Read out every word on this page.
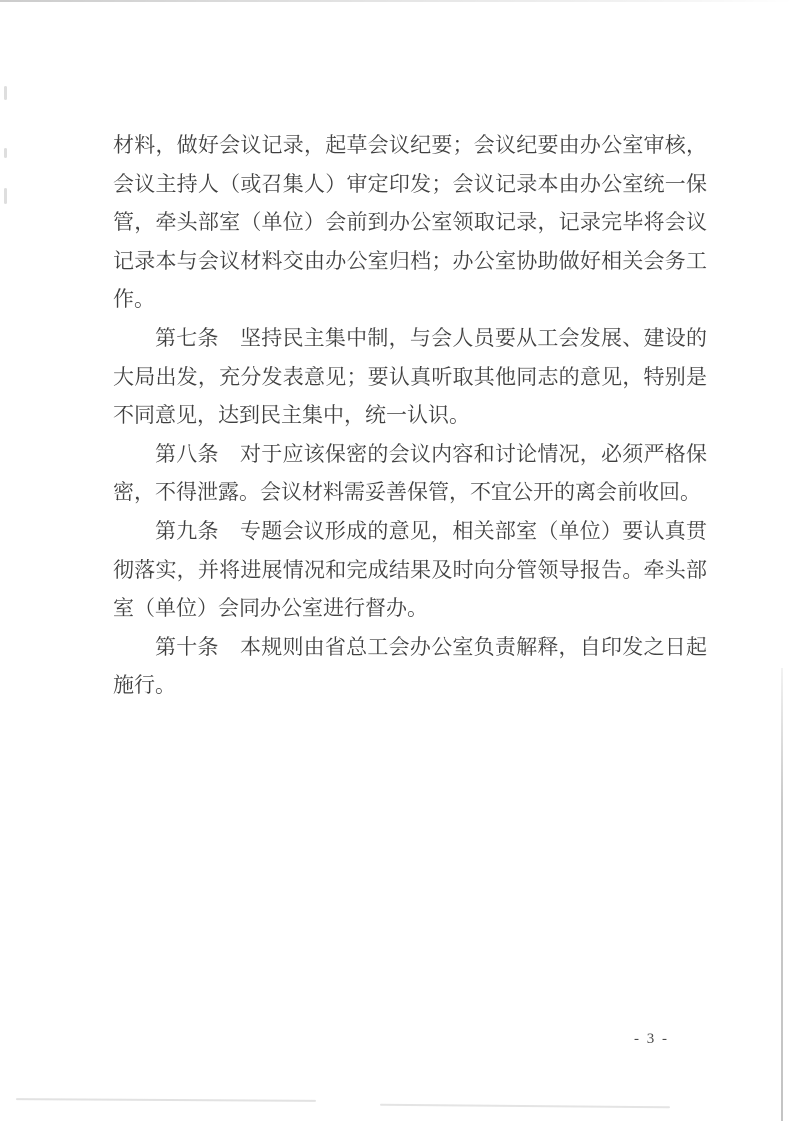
材料，做好会议记录，起草会议纪要；会议纪要由办公室审核，会议主持人（或召集人）审定印发；会议记录本由办公室统一保管，牵头部室（单位）会前到办公室领取记录，记录完毕将会议记录本与会议材料交由办公室归档；办公室协助做好相关会务工作。

第七条　坚持民主集中制，与会人员要从工会发展、建设的大局出发，充分发表意见；要认真听取其他同志的意见，特别是不同意见，达到民主集中，统一认识。

第八条　对于应该保密的会议内容和讨论情况，必须严格保密，不得泄露。会议材料需妥善保管，不宜公开的离会前收回。

第九条　专题会议形成的意见，相关部室（单位）要认真贯彻落实，并将进展情况和完成结果及时向分管领导报告。牵头部室（单位）会同办公室进行督办。

第十条　本规则由省总工会办公室负责解释，自印发之日起施行。

- 3 -
